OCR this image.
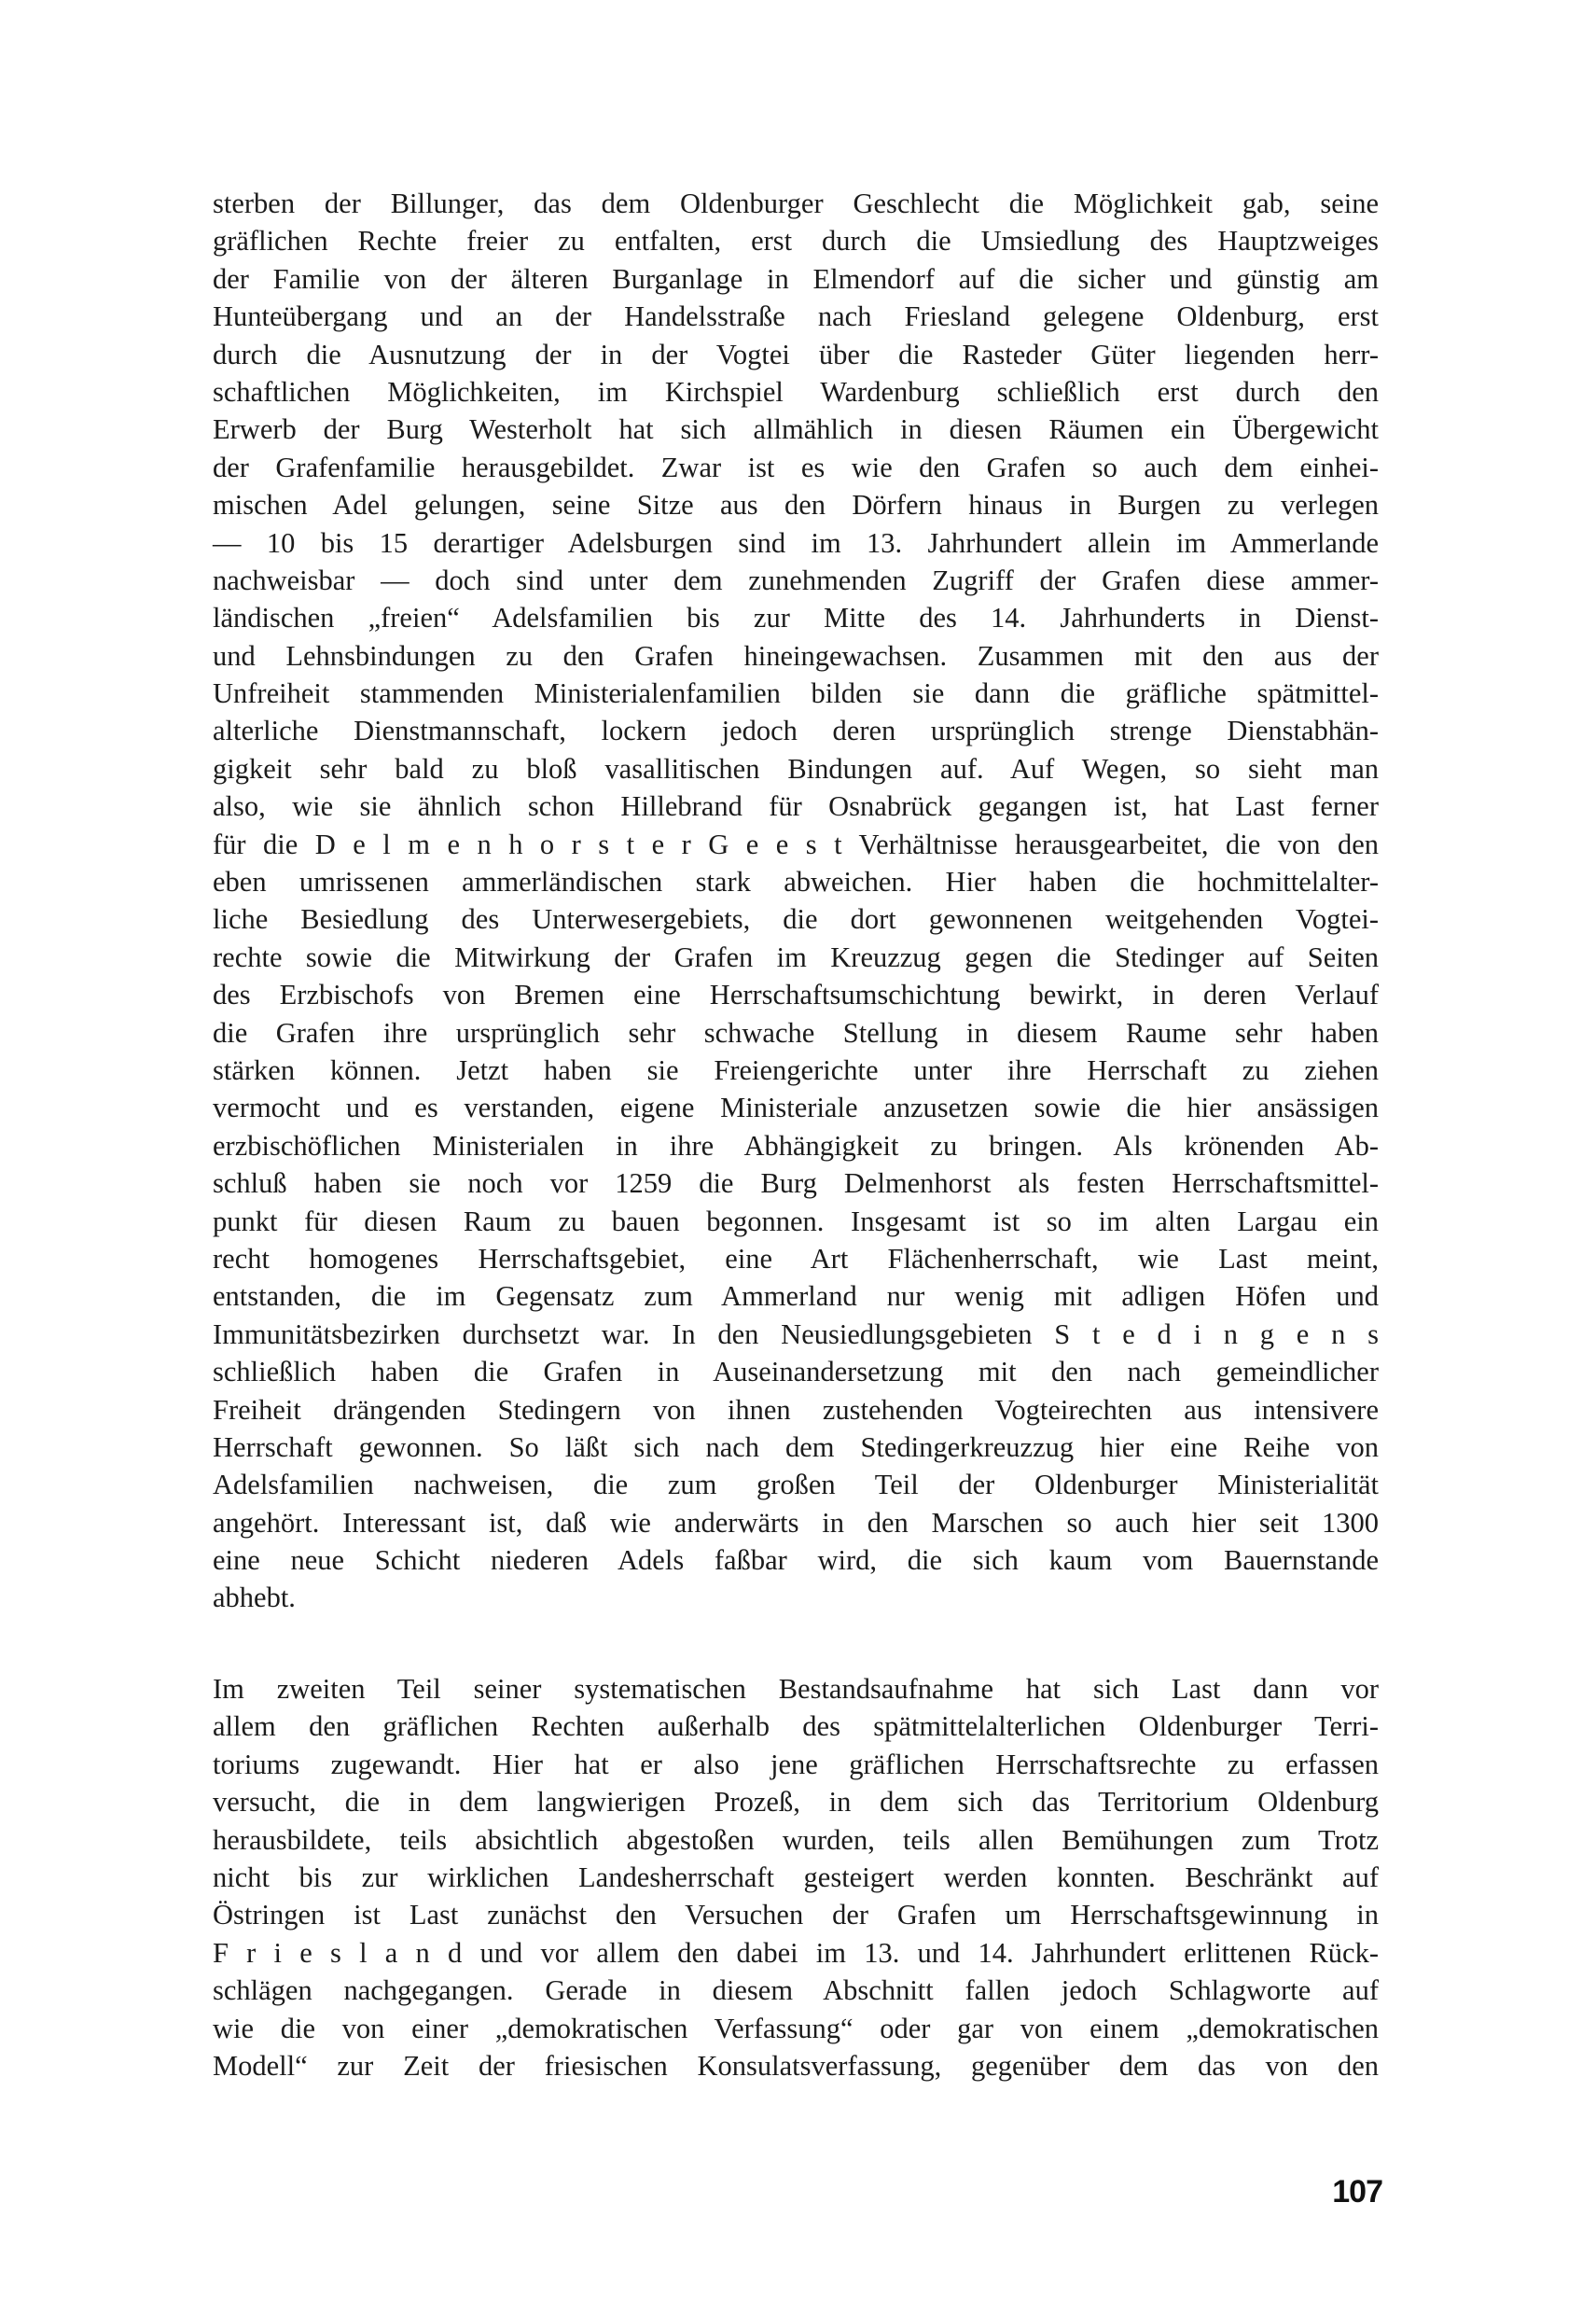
sterben der Billunger, das dem Oldenburger Geschlecht die Möglichkeit gab, seine
gräflichen Rechte freier zu entfalten, erst durch die Umsiedlung des Hauptzweiges
der Familie von der älteren Burganlage in Elmendorf auf die sicher und günstig am
Hunteübergang und an der Handelsstraße nach Friesland gelegene Oldenburg, erst
durch die Ausnutzung der in der Vogtei über die Rasteder Güter liegenden herr-
schaftlichen Möglichkeiten, im Kirchspiel Wardenburg schließlich erst durch den
Erwerb der Burg Westerholt hat sich allmählich in diesen Räumen ein Übergewicht
der Grafenfamilie herausgebildet. Zwar ist es wie den Grafen so auch dem einhei-
mischen Adel gelungen, seine Sitze aus den Dörfern hinaus in Burgen zu verlegen
— 10 bis 15 derartiger Adelsburgen sind im 13. Jahrhundert allein im Ammerlande
nachweisbar — doch sind unter dem zunehmenden Zugriff der Grafen diese ammer-
ländischen „freien“ Adelsfamilien bis zur Mitte des 14. Jahrhunderts in Dienst-
und Lehnsbindungen zu den Grafen hineingewachsen. Zusammen mit den aus der
Unfreiheit stammenden Ministerialenfamilien bilden sie dann die gräfliche spätmittel-
alterliche Dienstmannschaft, lockern jedoch deren ursprünglich strenge Dienstabhän-
gigkeit sehr bald zu bloß vasallitischen Bindungen auf. Auf Wegen, so sieht man
also, wie sie ähnlich schon Hillebrand für Osnabrück gegangen ist, hat Last ferner
für die D e l m e n h o r s t e r G e e s t Verhältnisse herausgearbeitet, die von den
eben umrissenen ammerländischen stark abweichen. Hier haben die hochmittelalter-
liche Besiedlung des Unterwesergebiets, die dort gewonnenen weitgehenden Vogtei-
rechte sowie die Mitwirkung der Grafen im Kreuzzug gegen die Stedinger auf Seiten
des Erzbischofs von Bremen eine Herrschaftsumschichtung bewirkt, in deren Verlauf
die Grafen ihre ursprünglich sehr schwache Stellung in diesem Raume sehr haben
stärken können. Jetzt haben sie Freiengerichte unter ihre Herrschaft zu ziehen
vermocht und es verstanden, eigene Ministeriale anzusetzen sowie die hier ansässigen
erzbischöflichen Ministerialen in ihre Abhängigkeit zu bringen. Als krönenden Ab-
schluß haben sie noch vor 1259 die Burg Delmenhorst als festen Herrschaftsmittel-
punkt für diesen Raum zu bauen begonnen. Insgesamt ist so im alten Largau ein
recht homogenes Herrschaftsgebiet, eine Art Flächenherrschaft, wie Last meint,
entstanden, die im Gegensatz zum Ammerland nur wenig mit adligen Höfen und
Immunitätsbezirken durchsetzt war. In den Neusiedlungsgebieten S t e d i n g e n s
schließlich haben die Grafen in Auseinandersetzung mit den nach gemeindlicher
Freiheit drängenden Stedingern von ihnen zustehenden Vogteirechten aus intensivere
Herrschaft gewonnen. So läßt sich nach dem Stedingerkreuzzug hier eine Reihe von
Adelsfamilien nachweisen, die zum großen Teil der Oldenburger Ministerialität
angehört. Interessant ist, daß wie anderwärts in den Marschen so auch hier seit 1300
eine neue Schicht niederen Adels faßbar wird, die sich kaum vom Bauernstande
abhebt.
Im zweiten Teil seiner systematischen Bestandsaufnahme hat sich Last dann vor
allem den gräflichen Rechten außerhalb des spätmittelalterlichen Oldenburger Terri-
toriums zugewandt. Hier hat er also jene gräflichen Herrschaftsrechte zu erfassen
versucht, die in dem langwierigen Prozeß, in dem sich das Territorium Oldenburg
herausbildete, teils absichtlich abgestoßen wurden, teils allen Bemühungen zum Trotz
nicht bis zur wirklichen Landesherrschaft gesteigert werden konnten. Beschränkt auf
Östringen ist Last zunächst den Versuchen der Grafen um Herrschaftsgewinnung in
F r i e s l a n d und vor allem den dabei im 13. und 14. Jahrhundert erlittenen Rück-
schlägen nachgegangen. Gerade in diesem Abschnitt fallen jedoch Schlagworte auf
wie die von einer „demokratischen Verfassung“ oder gar von einem „demokratischen
Modell“ zur Zeit der friesischen Konsulatsverfassung, gegenüber dem das von den
107
